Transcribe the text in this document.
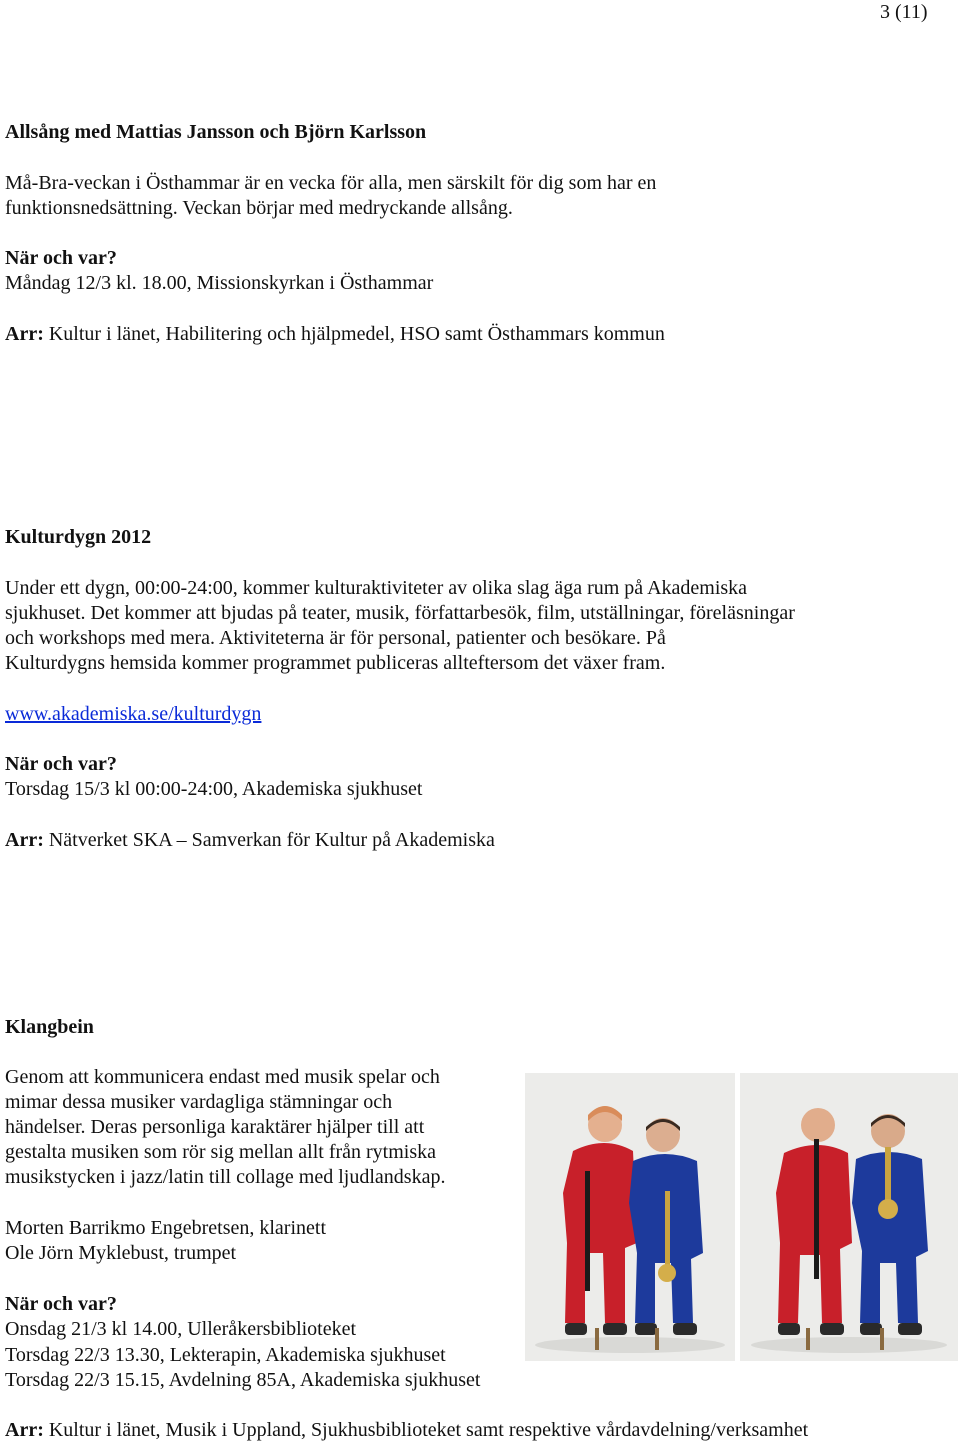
3 (11)
Allsång med Mattias Jansson och Björn Karlsson
Må-Bra-veckan i Östhammar är en vecka för alla, men särskilt för dig som har en
funktionsnedsättning. Veckan börjar med medryckande allsång.
När och var?
Måndag 12/3 kl. 18.00, Missionskyrkan i Östhammar
Arr: Kultur i länet, Habilitering och hjälpmedel, HSO samt Östhammars kommun
Kulturdygn 2012
Under ett dygn, 00:00-24:00, kommer kulturaktiviteter av olika slag äga rum på Akademiska
sjukhuset. Det kommer att bjudas på teater, musik, författarbesök, film, utställningar, föreläsningar
och workshops med mera. Aktiviteterna är för personal, patienter och besökare. På
Kulturdygns hemsida kommer programmet publiceras allteftersom det växer fram.
www.akademiska.se/kulturdygn
När och var?
Torsdag 15/3 kl 00:00-24:00, Akademiska sjukhuset
Arr: Nätverket SKA – Samverkan för Kultur på Akademiska
Klangbein
Genom att kommunicera endast med musik spelar och
mimar dessa musiker vardagliga stämningar och
händelser. Deras personliga karaktärer hjälper till att
gestalta musiken som rör sig mellan allt från rytmiska
musikstycken i jazz/latin till collage med ljudlandskap.
Morten Barrikmo Engebretsen, klarinett
Ole Jörn Myklebust, trumpet
När och var?
Onsdag 21/3 kl 14.00, Ulleråkersbiblioteket
Torsdag 22/3 13.30, Lekterapin, Akademiska sjukhuset
Torsdag 22/3 15.15, Avdelning 85A, Akademiska sjukhuset
Arr: Kultur i länet, Musik i Uppland, Sjukhusbiblioteket samt respektive vårdavdelning/verksamhet
